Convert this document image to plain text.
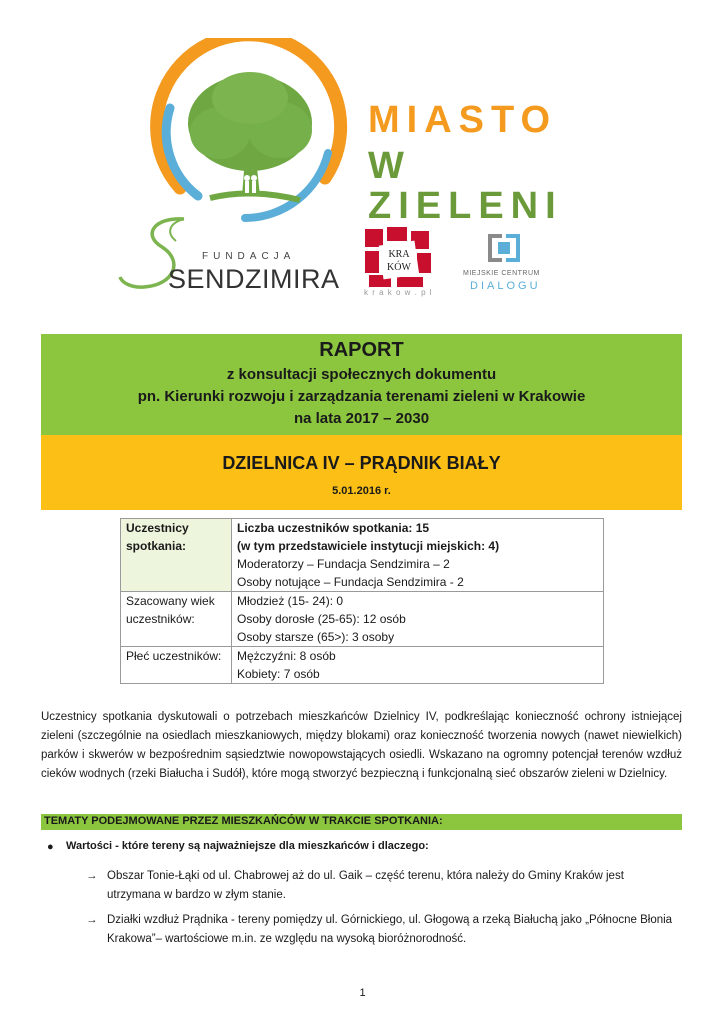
MIASTO
W ZIELENI
FUNDACJA
SENDZIMIRA
KRA
KÓW
k r a k o w . p l
MIEJSKIE CENTRUM
DIALOGU
RAPORT
z konsultacji społecznych dokumentu
pn. Kierunki rozwoju i zarządzania terenami zieleni w Krakowie
na lata 2017 – 2030
DZIELNICA IV – PRĄDNIK BIAŁY
5.01.2016 r.
Uczestnicy spotkania:	Liczba uczestników spotkania: 15
(w tym przedstawiciele instytucji miejskich: 4)
Moderatorzy – Fundacja Sendzimira – 2
Osoby notujące – Fundacja Sendzimira - 2

Szacowany wiek uczestników:	Młodzież (15- 24): 0
Osoby dorosłe (25-65): 12 osób
Osoby starsze (65>): 3 osoby

Płeć uczestników:	Mężczyźni: 8 osób
Kobiety: 7 osób
Uczestnicy spotkania dyskutowali o potrzebach mieszkańców Dzielnicy IV, podkreślając konieczność ochrony istniejącej zieleni (szczególnie na osiedlach mieszkaniowych, między blokami) oraz konieczność tworzenia nowych (nawet niewielkich) parków i skwerów w bezpośrednim sąsiedztwie nowopowstających osiedli. Wskazano na ogromny potencjał terenów wzdłuż cieków wodnych (rzeki Białucha i Sudół), które mogą stworzyć bezpieczną i funkcjonalną sieć obszarów zieleni w Dzielnicy.
TEMATY PODEJMOWANE PRZEZ MIESZKAŃCÓW W TRAKCIE SPOTKANIA:
● Wartości - które tereny są najważniejsze dla mieszkańców i dlaczego:
→ Obszar Tonie-Łąki od ul. Chabrowej aż do ul. Gaik – część terenu, która należy do Gminy Kraków jest utrzymana w bardzo w złym stanie.
→ Działki wzdłuż Prądnika - tereny pomiędzy ul. Górnickiego, ul. Głogową a rzeką Białuchą jako „Północne Błonia Krakowa”– wartościowe m.in. ze względu na wysoką bioróżnorodność.
1
